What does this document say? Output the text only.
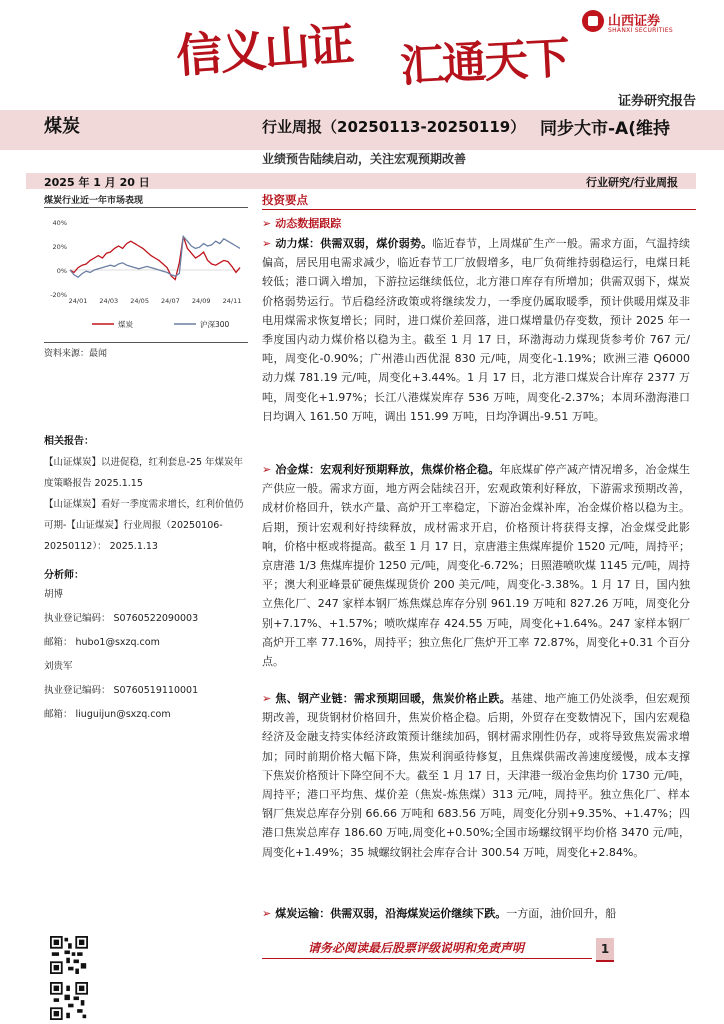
信义山证 汇通天下
山西证券
SHANXI SECURITIES
证券研究报告
煤炭	行业周报（20250113-20250119） 同步大市-A(维持
业绩预告陆续启动，关注宏观预期改善
2025 年 1 月 20 日	行业研究/行业周报
煤炭行业近一年市场表现
40%
20%
0%
-20%
24/01 24/03 24/05 24/07 24/09 24/11
煤炭	沪深300
资料来源：最闻
相关报告：
【山证煤炭】以进促稳，红利套息-25 年煤炭年度策略报告 2025.1.15
【山证煤炭】看好一季度需求增长，红利价值仍可期-【山证煤炭】行业周报（20250106-20250112）： 2025.1.13
分析师：
胡博
执业登记编码： S0760522090003
邮箱： hubo1@sxzq.com
刘贵军
执业登记编码： S0760519110001
邮箱： liuguijun@sxzq.com
投资要点
➢ 动态数据跟踪
➢ 动力煤：供需双弱，煤价弱势。临近春节，上周煤矿生产一般。需求方面，气温持续偏高，居民用电需求减少，临近春节工厂放假增多，电厂负荷维持弱稳运行，电煤日耗较低；港口调入增加，下游拉运继续低位，北方港口库存有所增加；供需双弱下，煤炭价格弱势运行。节后稳经济政策或将继续发力，一季度仍属取暖季，预计供暖用煤及非电用煤需求恢复增长；同时，进口煤价差回落，进口煤增量仍存变数，预计 2025 年一季度国内动力煤价格以稳为主。截至 1 月 17 日，环渤海动力煤现货参考价 767 元/吨，周变化-0.90%；广州港山西优混 830 元/吨，周变化-1.19%；欧洲三港 Q6000 动力煤 781.19 元/吨，周变化+3.44%。1 月 17 日，北方港口煤炭合计库存 2377 万吨，周变化+1.97%；长江八港煤炭库存 536 万吨，周变化-2.37%；本周环渤海港口日均调入 161.50 万吨，调出 151.99 万吨，日均净调出-9.51 万吨。
➢ 冶金煤：宏观利好预期释放，焦煤价格企稳。年底煤矿停产减产情况增多，冶金煤生产供应一般。需求方面，地方两会陆续召开，宏观政策利好释放，下游需求预期改善，成材价格回升，铁水产量、高炉开工率稳定，下游冶金煤补库，冶金煤价格以稳为主。后期，预计宏观利好持续释放，成材需求开启，价格预计将获得支撑，冶金煤受此影响，价格中枢或将提高。截至 1 月 17 日，京唐港主焦煤库提价 1520 元/吨，周持平；京唐港 1/3 焦煤库提价 1250 元/吨，周变化-6.72%；日照港喷吹煤 1145 元/吨，周持平；澳大利亚峰景矿硬焦煤现货价 200 美元/吨，周变化-3.38%。1 月 17 日，国内独立焦化厂、247 家样本钢厂炼焦煤总库存分别 961.19 万吨和 827.26 万吨，周变化分别+7.17%、+1.57%；喷吹煤库存 424.55 万吨，周变化+1.64%。247 家样本钢厂高炉开工率 77.16%，周持平；独立焦化厂焦炉开工率 72.87%，周变化+0.31 个百分点。
➢ 焦、钢产业链：需求预期回暖，焦炭价格止跌。基建、地产施工仍处淡季，但宏观预期改善，现货钢材价格回升，焦炭价格企稳。后期，外贸存在变数情况下，国内宏观稳经济及金融支持实体经济政策预计继续加码，钢材需求刚性仍存，或将导致焦炭需求增加；同时前期价格大幅下降，焦炭利润亟待修复，且焦煤供需改善速度缓慢，成本支撑下焦炭价格预计下降空间不大。截至 1 月 17 日，天津港一级冶金焦均价 1730 元/吨，周持平；港口平均焦、煤价差（焦炭-炼焦煤）313 元/吨，周持平。独立焦化厂、样本钢厂焦炭总库存分别 66.66 万吨和 683.56 万吨，周变化分别+9.35%、+1.47%；四港口焦炭总库存 186.60 万吨,周变化+0.50%;全国市场螺纹钢平均价格 3470 元/吨，周变化+1.49%；35 城螺纹钢社会库存合计 300.54 万吨，周变化+2.84%。
➢ 煤炭运输：供需双弱，沿海煤炭运价继续下跌。一方面，油价回升，船
请务必阅读最后股票评级说明和免责声明	1
